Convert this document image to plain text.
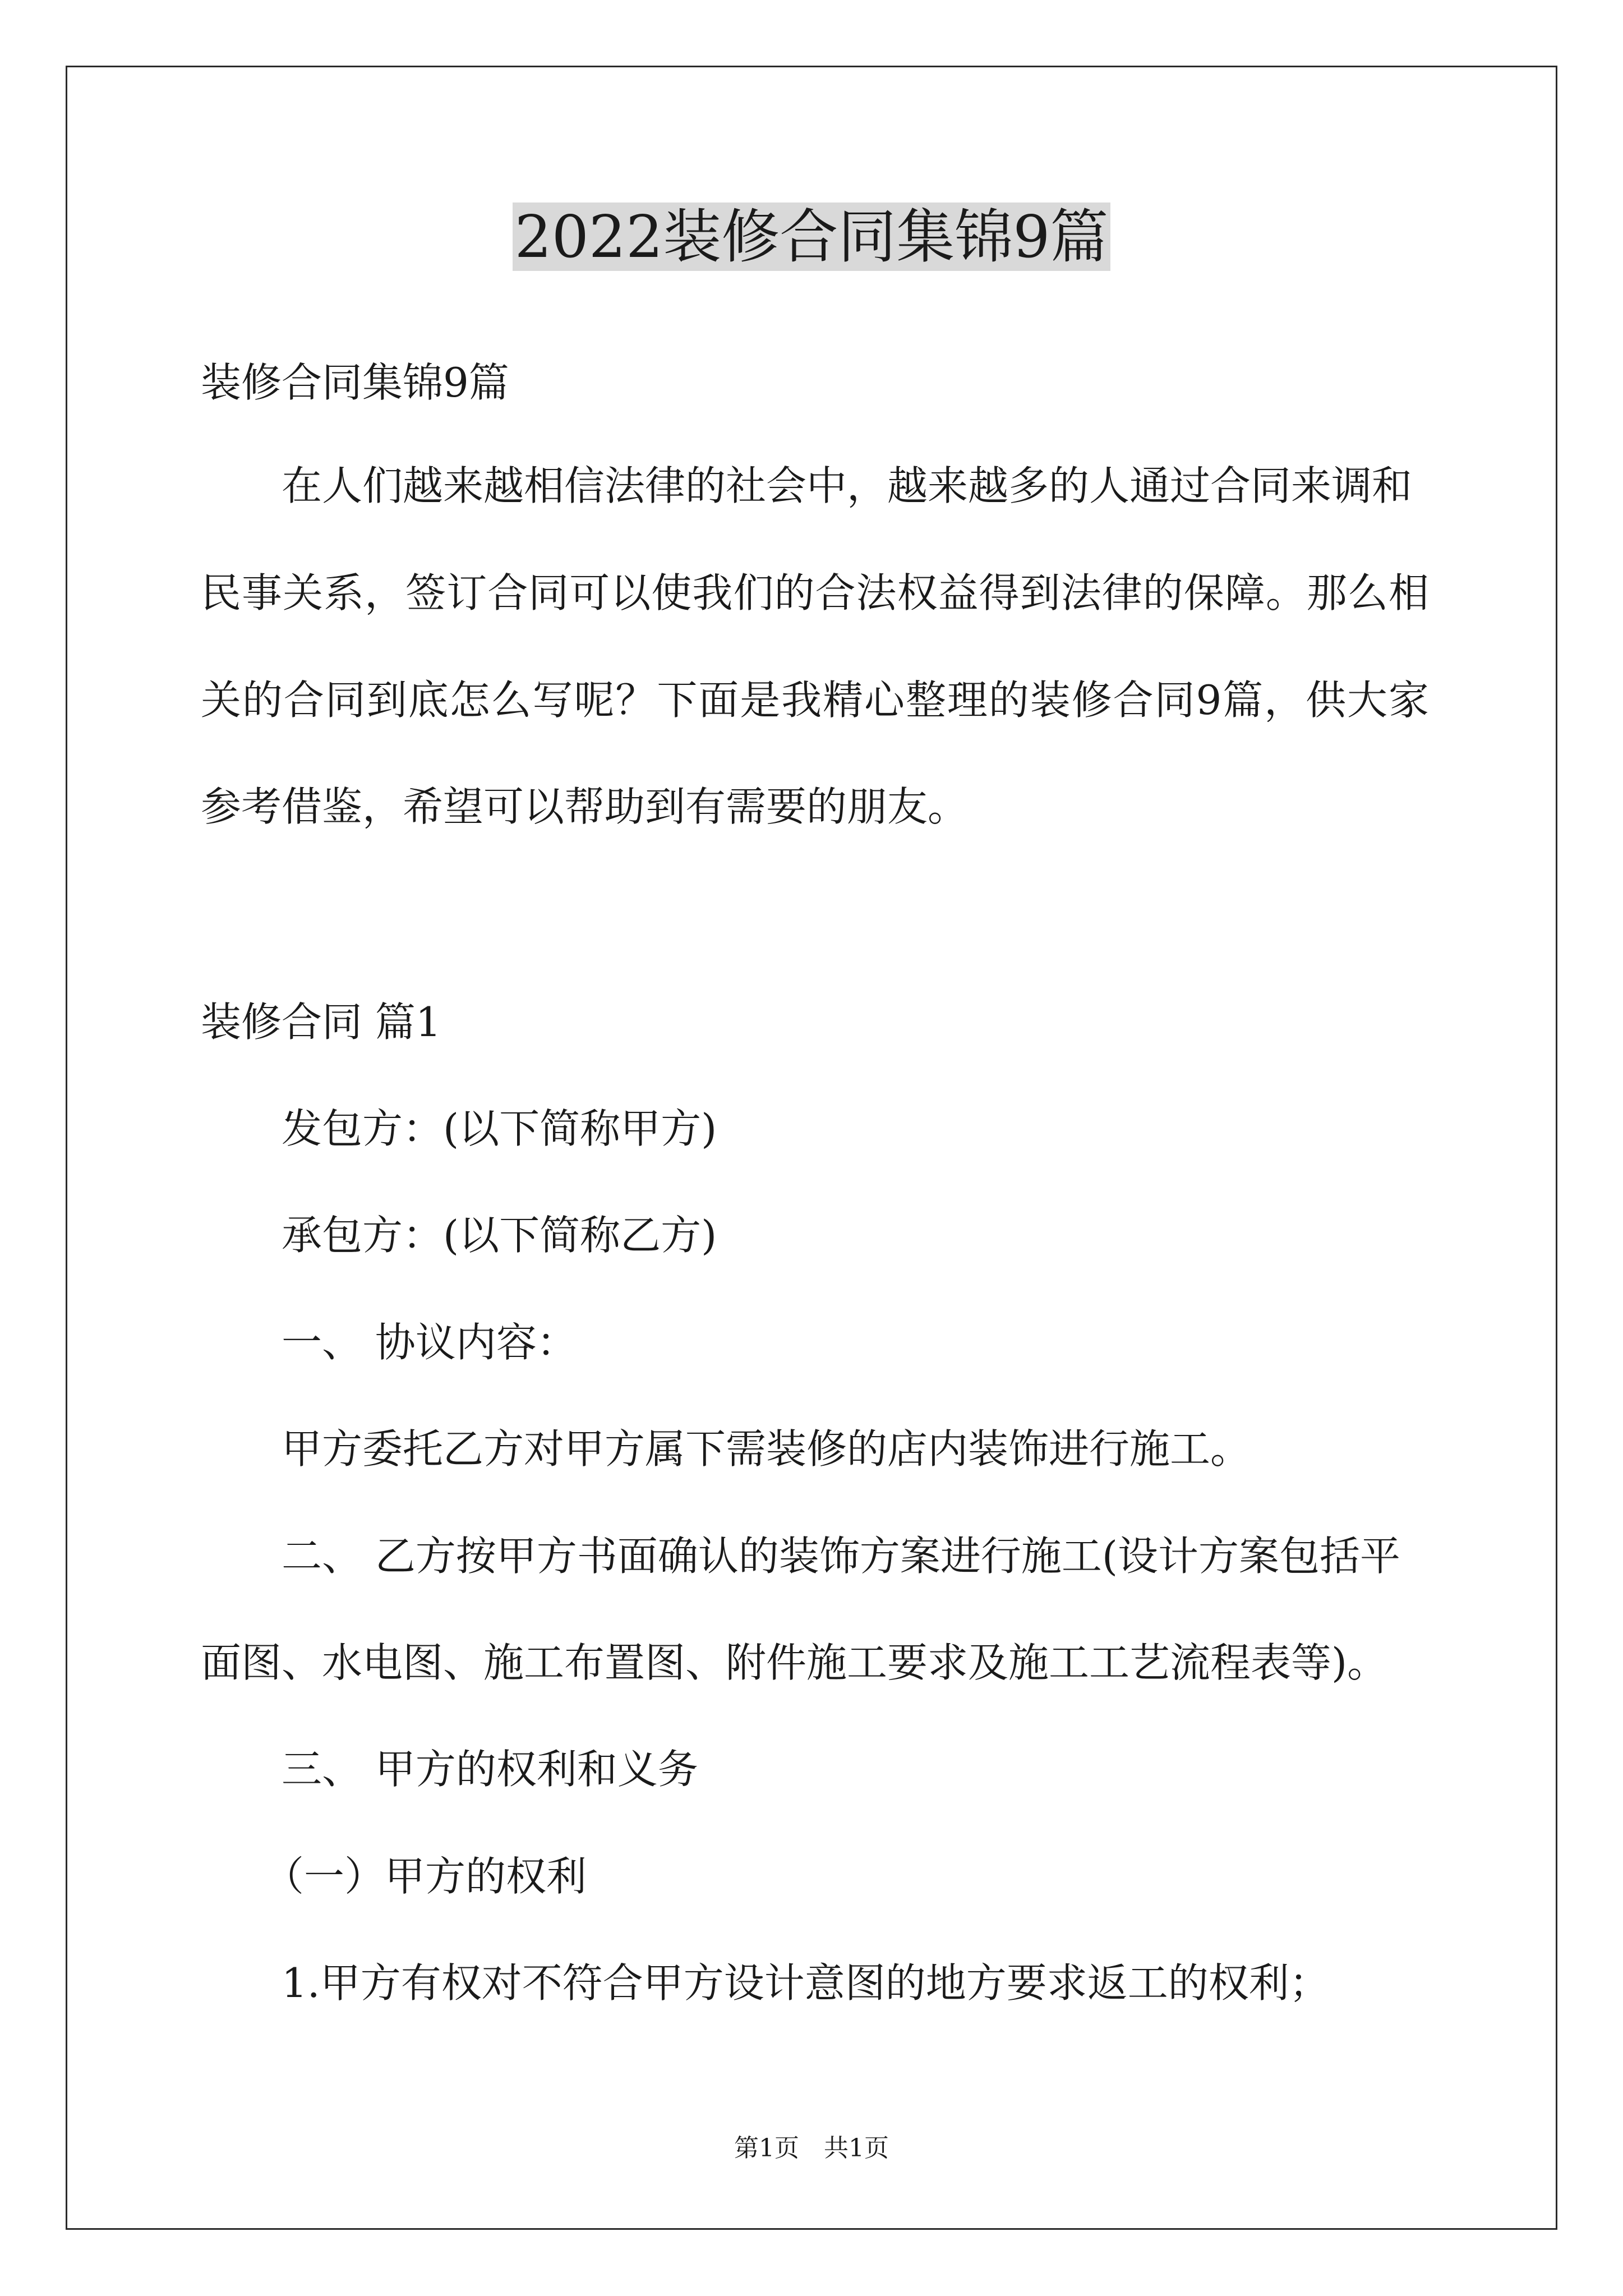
2022装修合同集锦9篇

装修合同集锦9篇

在人们越来越相信法律的社会中，越来越多的人通过合同来调和

民事关系，签订合同可以使我们的合法权益得到法律的保障。那么相

关的合同到底怎么写呢？下面是我精心整理的装修合同9篇，供大家

参考借鉴，希望可以帮助到有需要的朋友。

装修合同 篇1

发包方：(以下简称甲方)

承包方：(以下简称乙方)

一、 协议内容：

甲方委托乙方对甲方属下需装修的店内装饰进行施工。

二、 乙方按甲方书面确认的装饰方案进行施工(设计方案包括平

面图、水电图、施工布置图、附件施工要求及施工工艺流程表等)。

三、 甲方的权利和义务

（一）甲方的权利

1.甲方有权对不符合甲方设计意图的地方要求返工的权利；

第1页　共1页
